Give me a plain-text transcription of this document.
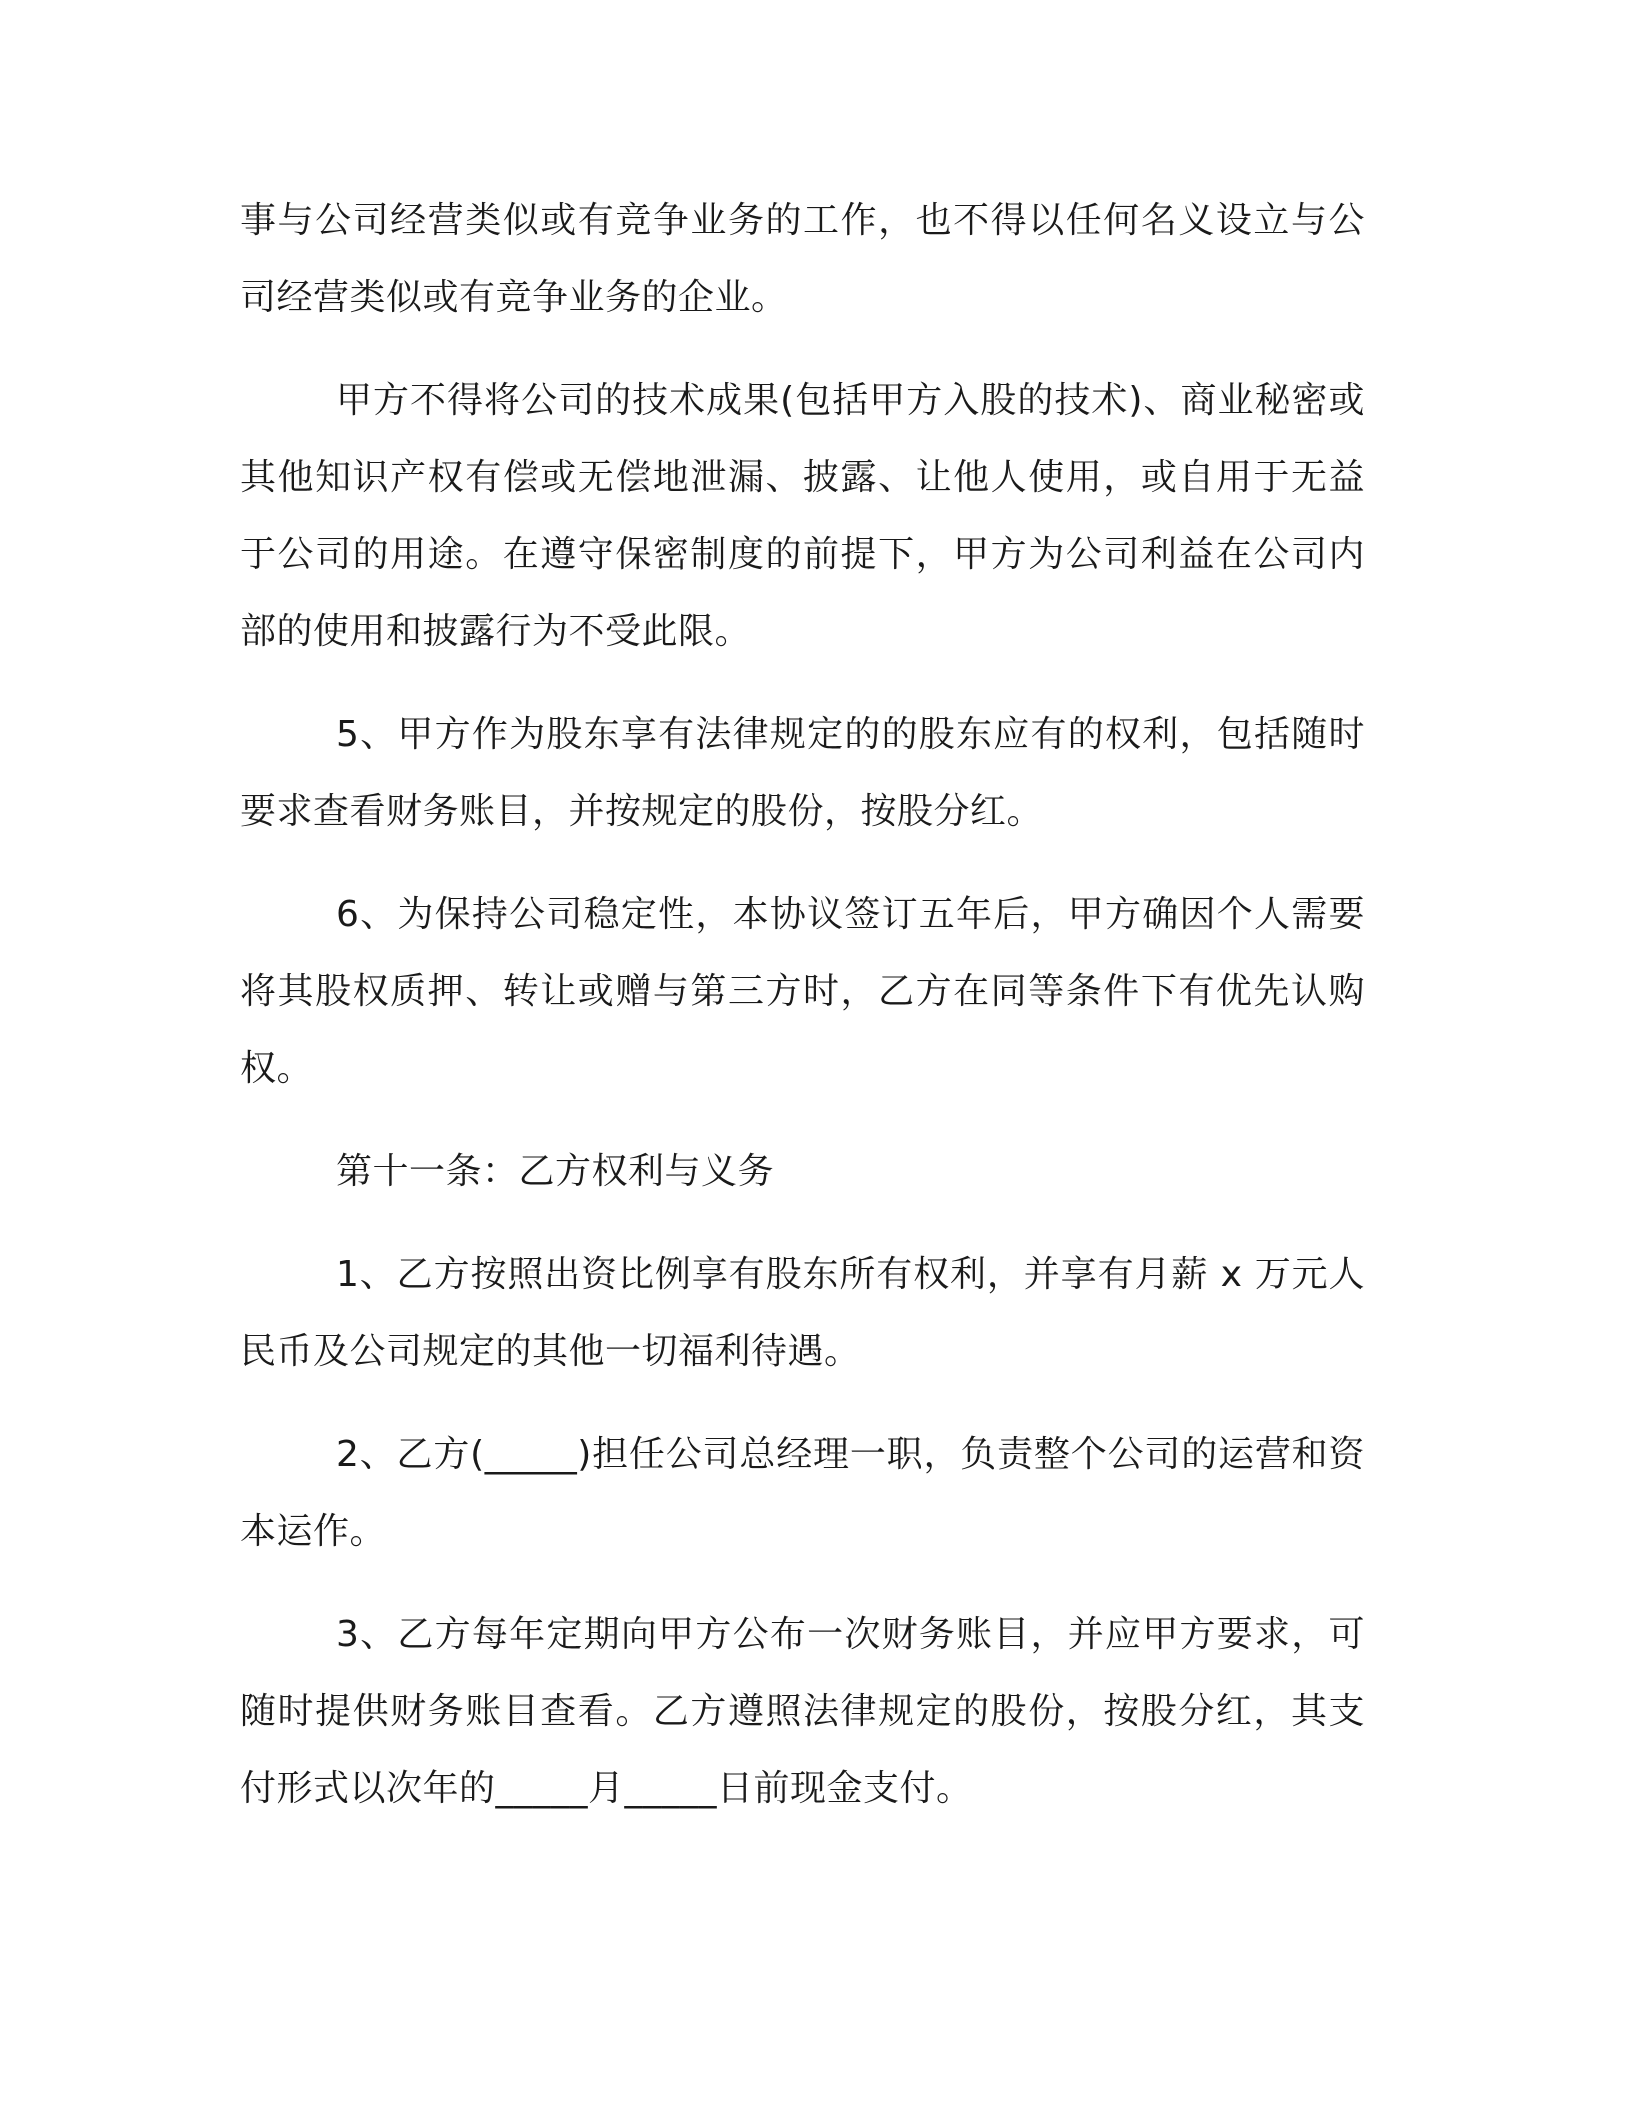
事与公司经营类似或有竞争业务的工作，也不得以任何名义设立与公司经营类似或有竞争业务的企业。

甲方不得将公司的技术成果(包括甲方入股的技术)、商业秘密或其他知识产权有偿或无偿地泄漏、披露、让他人使用，或自用于无益于公司的用途。在遵守保密制度的前提下，甲方为公司利益在公司内部的使用和披露行为不受此限。

5、甲方作为股东享有法律规定的的股东应有的权利，包括随时要求查看财务账目，并按规定的股份，按股分红。

6、为保持公司稳定性，本协议签订五年后，甲方确因个人需要将其股权质押、转让或赠与第三方时，乙方在同等条件下有优先认购权。

第十一条：乙方权利与义务

1、乙方按照出资比例享有股东所有权利，并享有月薪 x 万元人民币及公司规定的其他一切福利待遇。

2、乙方(_____)担任公司总经理一职，负责整个公司的运营和资本运作。

3、乙方每年定期向甲方公布一次财务账目，并应甲方要求，可随时提供财务账目查看。乙方遵照法律规定的股份，按股分红，其支付形式以次年的_____月_____日前现金支付。
